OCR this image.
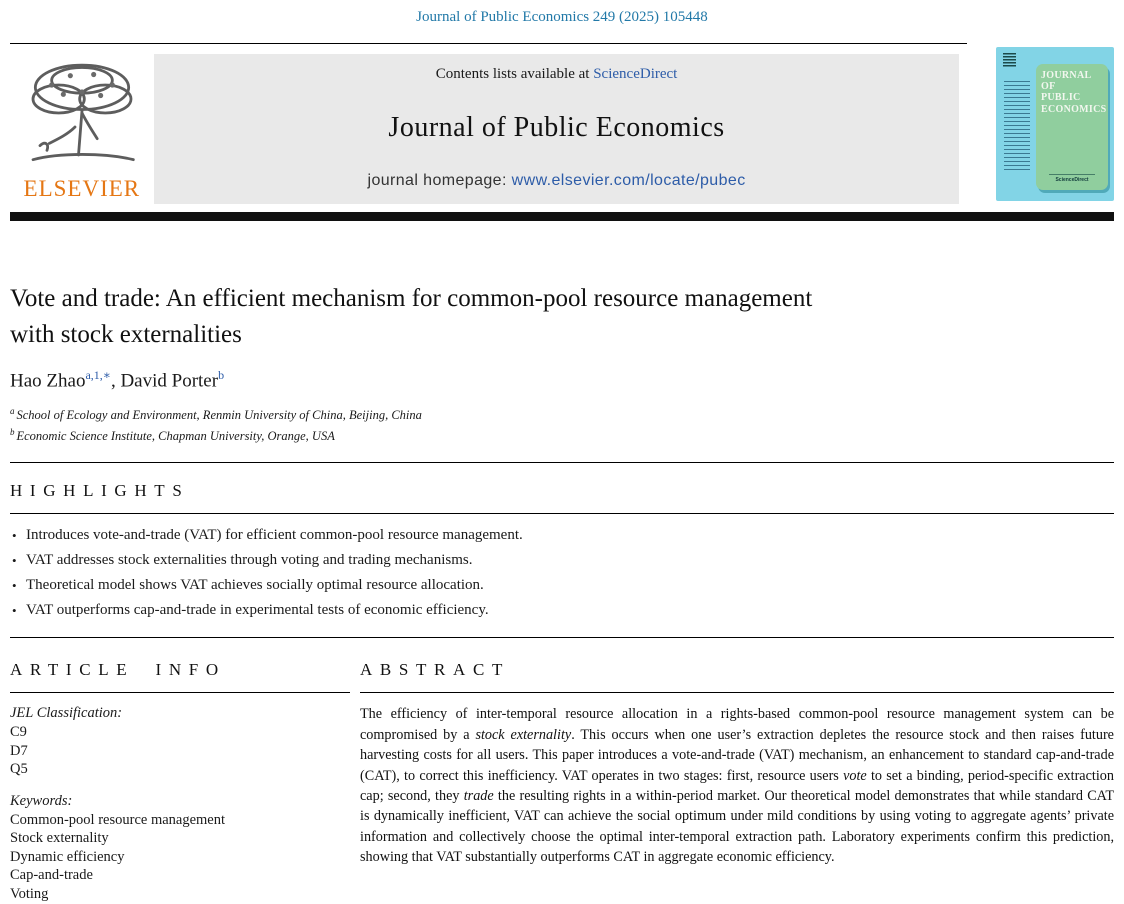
Journal of Public Economics 249 (2025) 105448
ELSEVIER
Contents lists available at ScienceDirect
Journal of Public Economics
journal homepage: www.elsevier.com/locate/pubec
JOURNAL OF
PUBLIC
ECONOMICS
ScienceDirect
Vote and trade: An efficient mechanism for common-pool resource management with stock externalities
Hao Zhao$^{a,1,∗}$, David Porter$^b$
$^a$ School of Ecology and Environment, Renmin University of China, Beijing, China
$^b$ Economic Science Institute, Chapman University, Orange, USA
HIGHLIGHTS
• Introduces vote-and-trade (VAT) for efficient common-pool resource management.
• VAT addresses stock externalities through voting and trading mechanisms.
• Theoretical model shows VAT achieves socially optimal resource allocation.
• VAT outperforms cap-and-trade in experimental tests of economic efficiency.
ARTICLE INFO
JEL Classification:
C9
D7
Q5
Keywords:
Common-pool resource management
Stock externality
Dynamic efficiency
Cap-and-trade
Voting
ABSTRACT

The efficiency of inter-temporal resource allocation in a rights-based common-pool resource management system can be compromised by a stock externality. This occurs when one user’s extraction depletes the resource stock and then raises future harvesting costs for all users. This paper introduces a vote-and-trade (VAT) mechanism, an enhancement to standard cap-and-trade (CAT), to correct this inefficiency. VAT operates in two stages: first, resource users vote to set a binding, period-specific extraction cap; second, they trade the resulting rights in a within-period market. Our theoretical model demonstrates that while standard CAT is dynamically inefficient, VAT can achieve the social optimum under mild conditions by using voting to aggregate agents’ private information and collectively choose the optimal inter-temporal extraction path. Laboratory experiments confirm this prediction, showing that VAT substantially outperforms CAT in aggregate economic efficiency.
